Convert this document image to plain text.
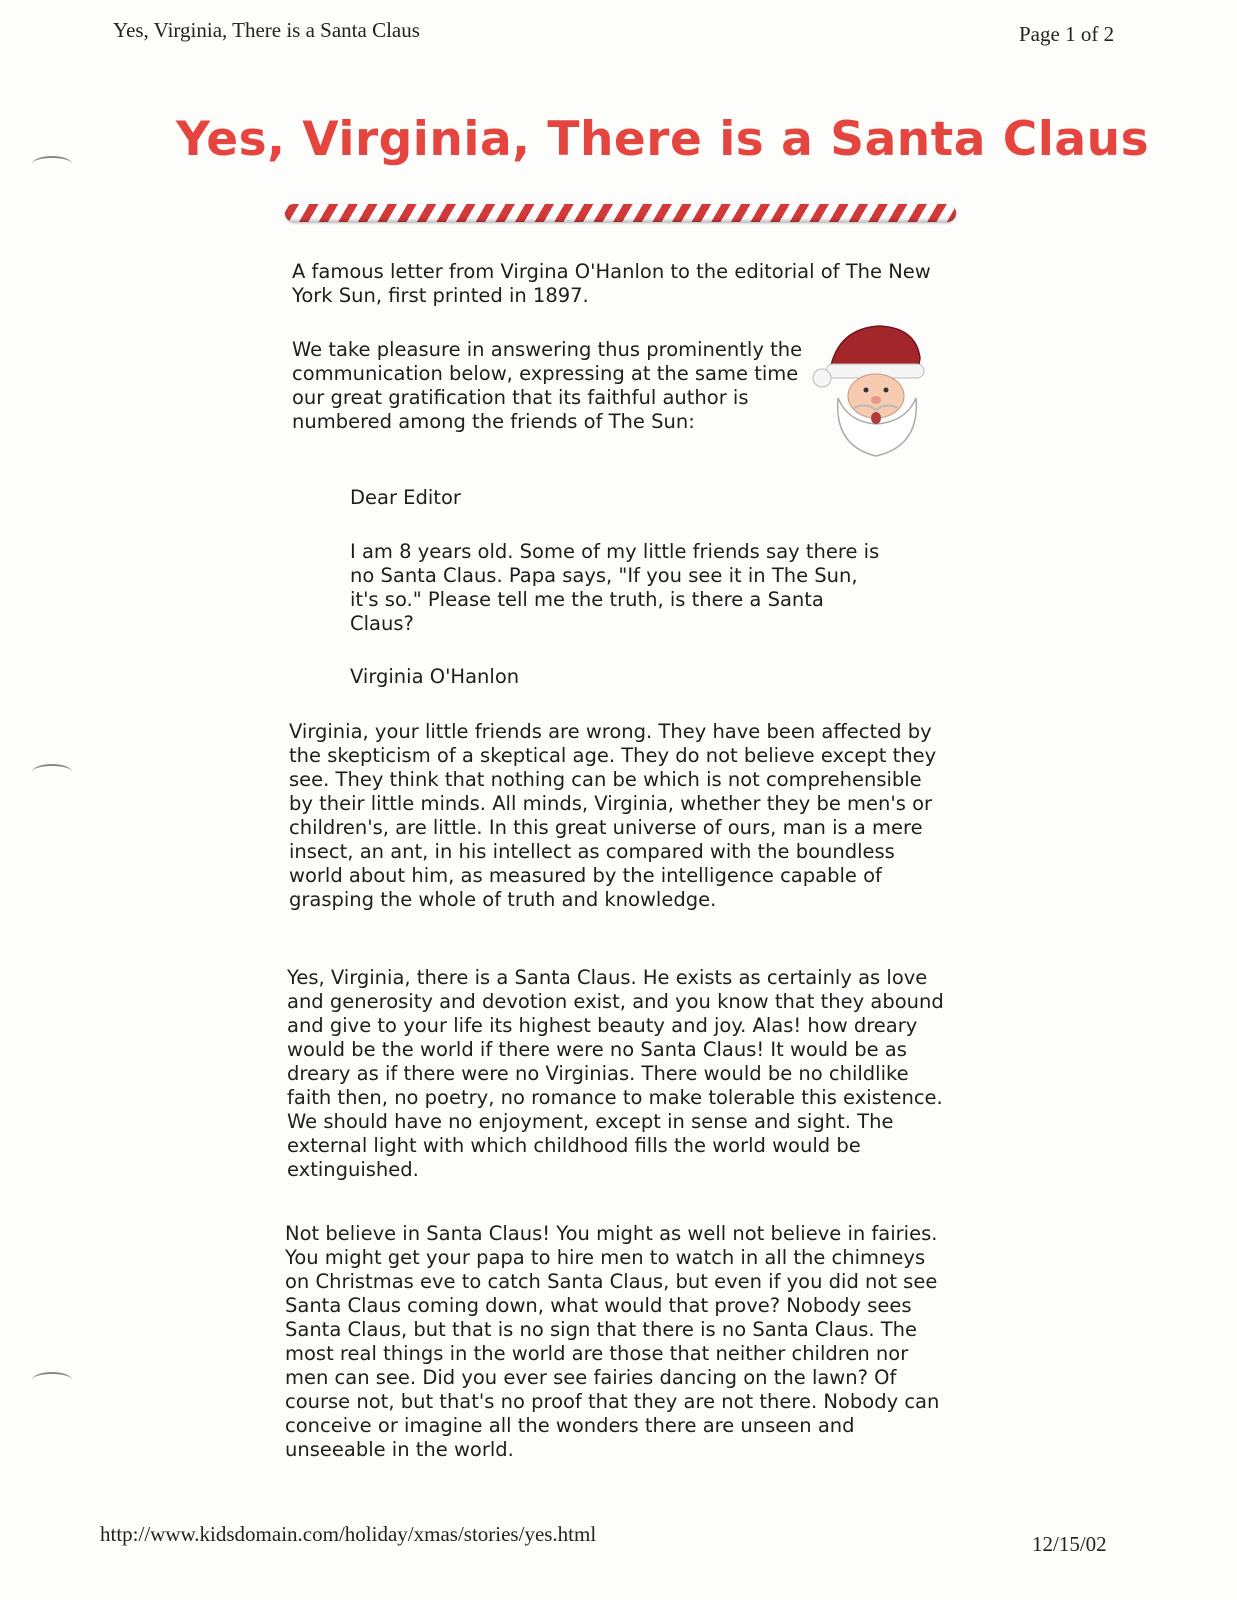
Yes, Virginia, There is a Santa Claus	Page 1 of 2
Yes, Virginia, There is a Santa Claus

A famous letter from Virgina O'Hanlon to the editorial of The New York Sun, first printed in 1897.

We take pleasure in answering thus prominently the communication below, expressing at the same time our great gratification that its faithful author is numbered among the friends of The Sun:

Dear Editor

I am 8 years old. Some of my little friends say there is no Santa Claus. Papa says, "If you see it in The Sun, it's so." Please tell me the truth, is there a Santa Claus?

Virginia O'Hanlon

Virginia, your little friends are wrong. They have been affected by the skepticism of a skeptical age. They do not believe except they see. They think that nothing can be which is not comprehensible by their little minds. All minds, Virginia, whether they be men's or children's, are little. In this great universe of ours, man is a mere insect, an ant, in his intellect as compared with the boundless world about him, as measured by the intelligence capable of grasping the whole of truth and knowledge.

Yes, Virginia, there is a Santa Claus. He exists as certainly as love and generosity and devotion exist, and you know that they abound and give to your life its highest beauty and joy. Alas! how dreary would be the world if there were no Santa Claus! It would be as dreary as if there were no Virginias. There would be no childlike faith then, no poetry, no romance to make tolerable this existence. We should have no enjoyment, except in sense and sight. The external light with which childhood fills the world would be extinguished.

Not believe in Santa Claus! You might as well not believe in fairies. You might get your papa to hire men to watch in all the chimneys on Christmas eve to catch Santa Claus, but even if you did not see Santa Claus coming down, what would that prove? Nobody sees Santa Claus, but that is no sign that there is no Santa Claus. The most real things in the world are those that neither children nor men can see. Did you ever see fairies dancing on the lawn? Of course not, but that's no proof that they are not there. Nobody can conceive or imagine all the wonders there are unseen and unseeable in the world.

http://www.kidsdomain.com/holiday/xmas/stories/yes.html	12/15/02
